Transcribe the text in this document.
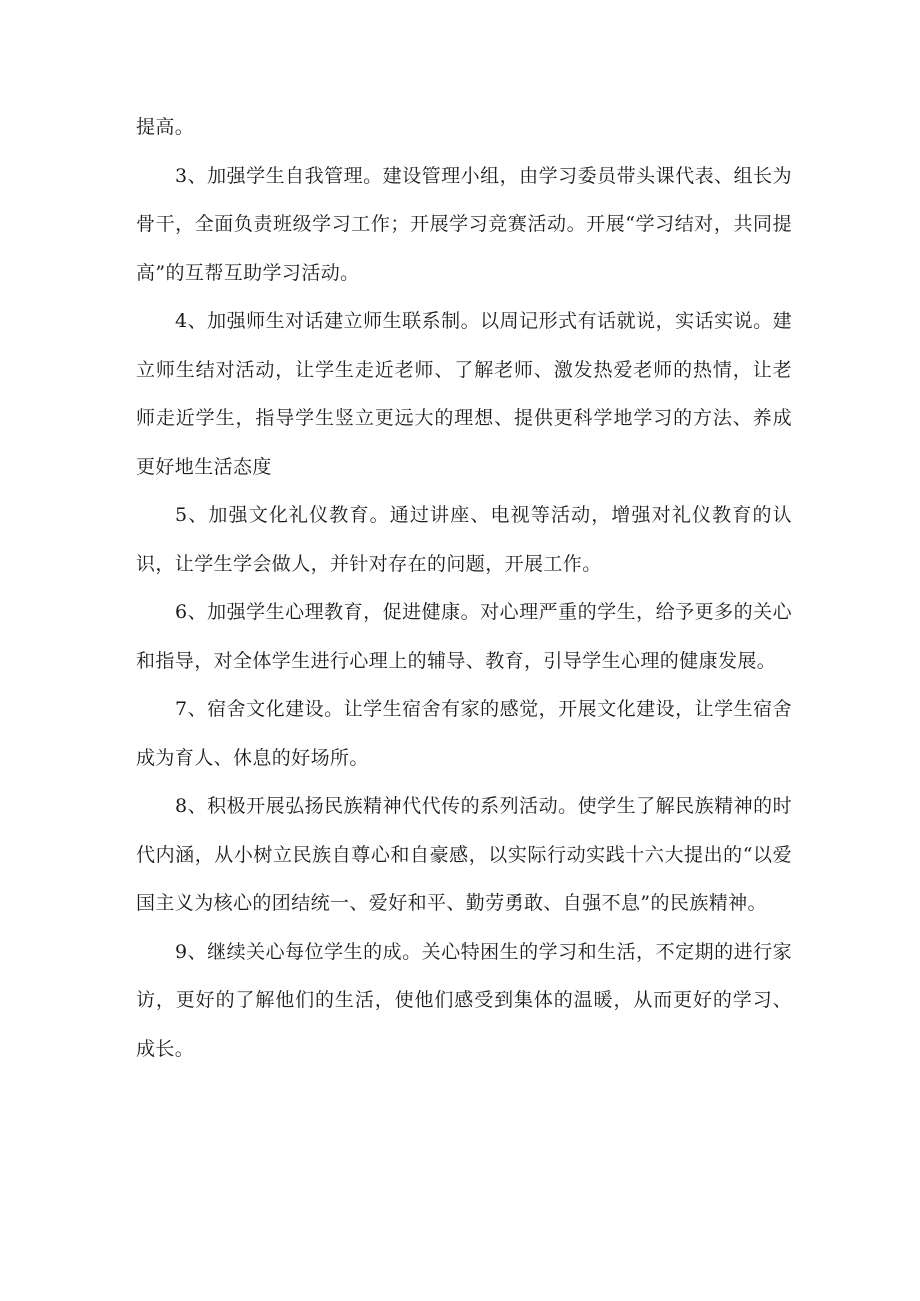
提高。

3、加强学生自我管理。建设管理小组，由学习委员带头课代表、组长为骨干，全面负责班级学习工作；开展学习竞赛活动。开展“学习结对，共同提高”的互帮互助学习活动。

4、加强师生对话建立师生联系制。以周记形式有话就说，实话实说。建立师生结对活动，让学生走近老师、了解老师、激发热爱老师的热情，让老师走近学生，指导学生竖立更远大的理想、提供更科学地学习的方法、养成更好地生活态度

5、加强文化礼仪教育。通过讲座、电视等活动，增强对礼仪教育的认识，让学生学会做人，并针对存在的问题，开展工作。

6、加强学生心理教育，促进健康。对心理严重的学生，给予更多的关心和指导，对全体学生进行心理上的辅导、教育，引导学生心理的健康发展。

7、宿舍文化建设。让学生宿舍有家的感觉，开展文化建设，让学生宿舍成为育人、休息的好场所。

8、积极开展弘扬民族精神代代传的系列活动。使学生了解民族精神的时代内涵，从小树立民族自尊心和自豪感，以实际行动实践十六大提出的“以爱国主义为核心的团结统一、爱好和平、勤劳勇敢、自强不息”的民族精神。

9、继续关心每位学生的成。关心特困生的学习和生活，不定期的进行家访，更好的了解他们的生活，使他们感受到集体的温暖，从而更好的学习、成长。
